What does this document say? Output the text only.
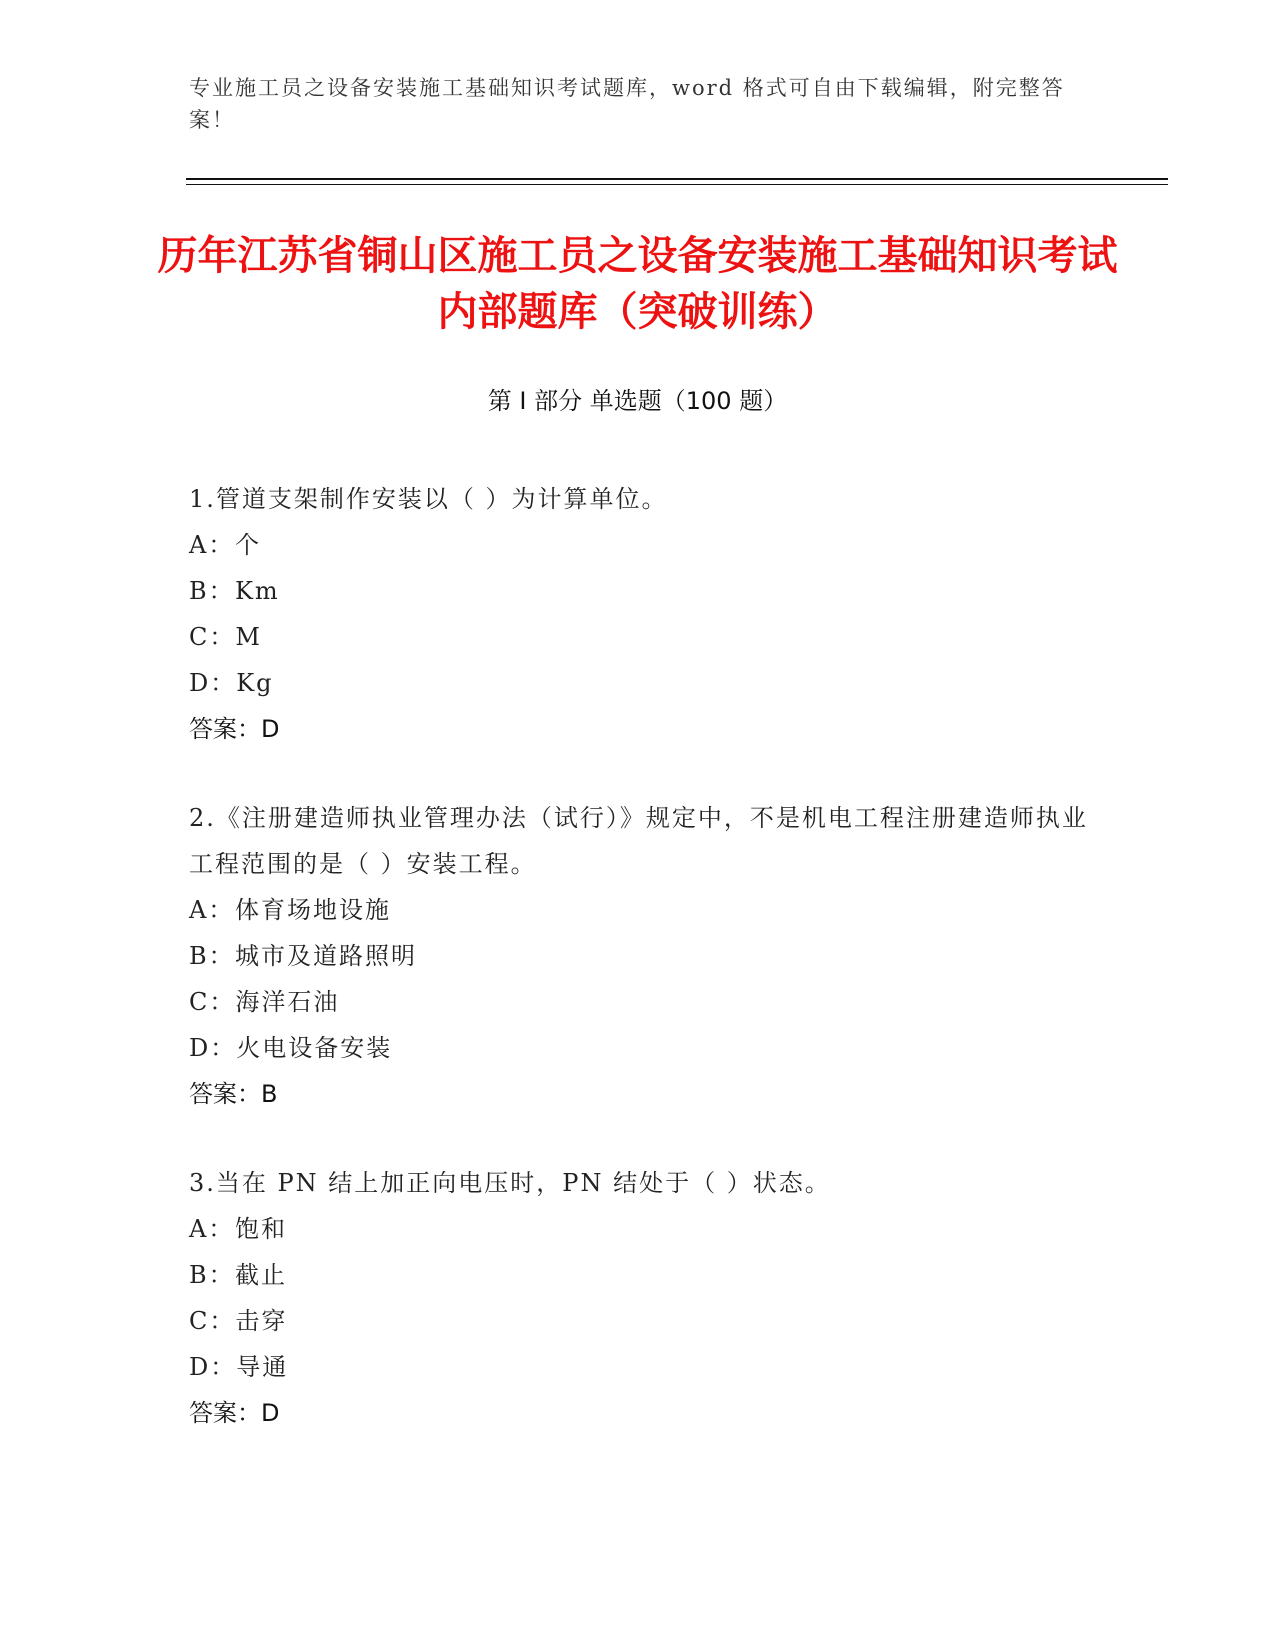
专业施工员之设备安装施工基础知识考试题库，word 格式可自由下载编辑，附完整答案！
历年江苏省铜山区施工员之设备安装施工基础知识考试内部题库（突破训练）
第 I 部分 单选题（100 题）

1.管道支架制作安装以（ ）为计算单位。

A：个

B：Km

C：M

D：Kg

答案：D

2.《注册建造师执业管理办法（试行）》规定中，不是机电工程注册建造师执业工程范围的是（ ）安装工程。

A：体育场地设施

B：城市及道路照明

C：海洋石油

D：火电设备安装

答案：B

3.当在 PN 结上加正向电压时，PN 结处于（ ）状态。

A：饱和

B：截止

C：击穿

D：导通

答案：D
